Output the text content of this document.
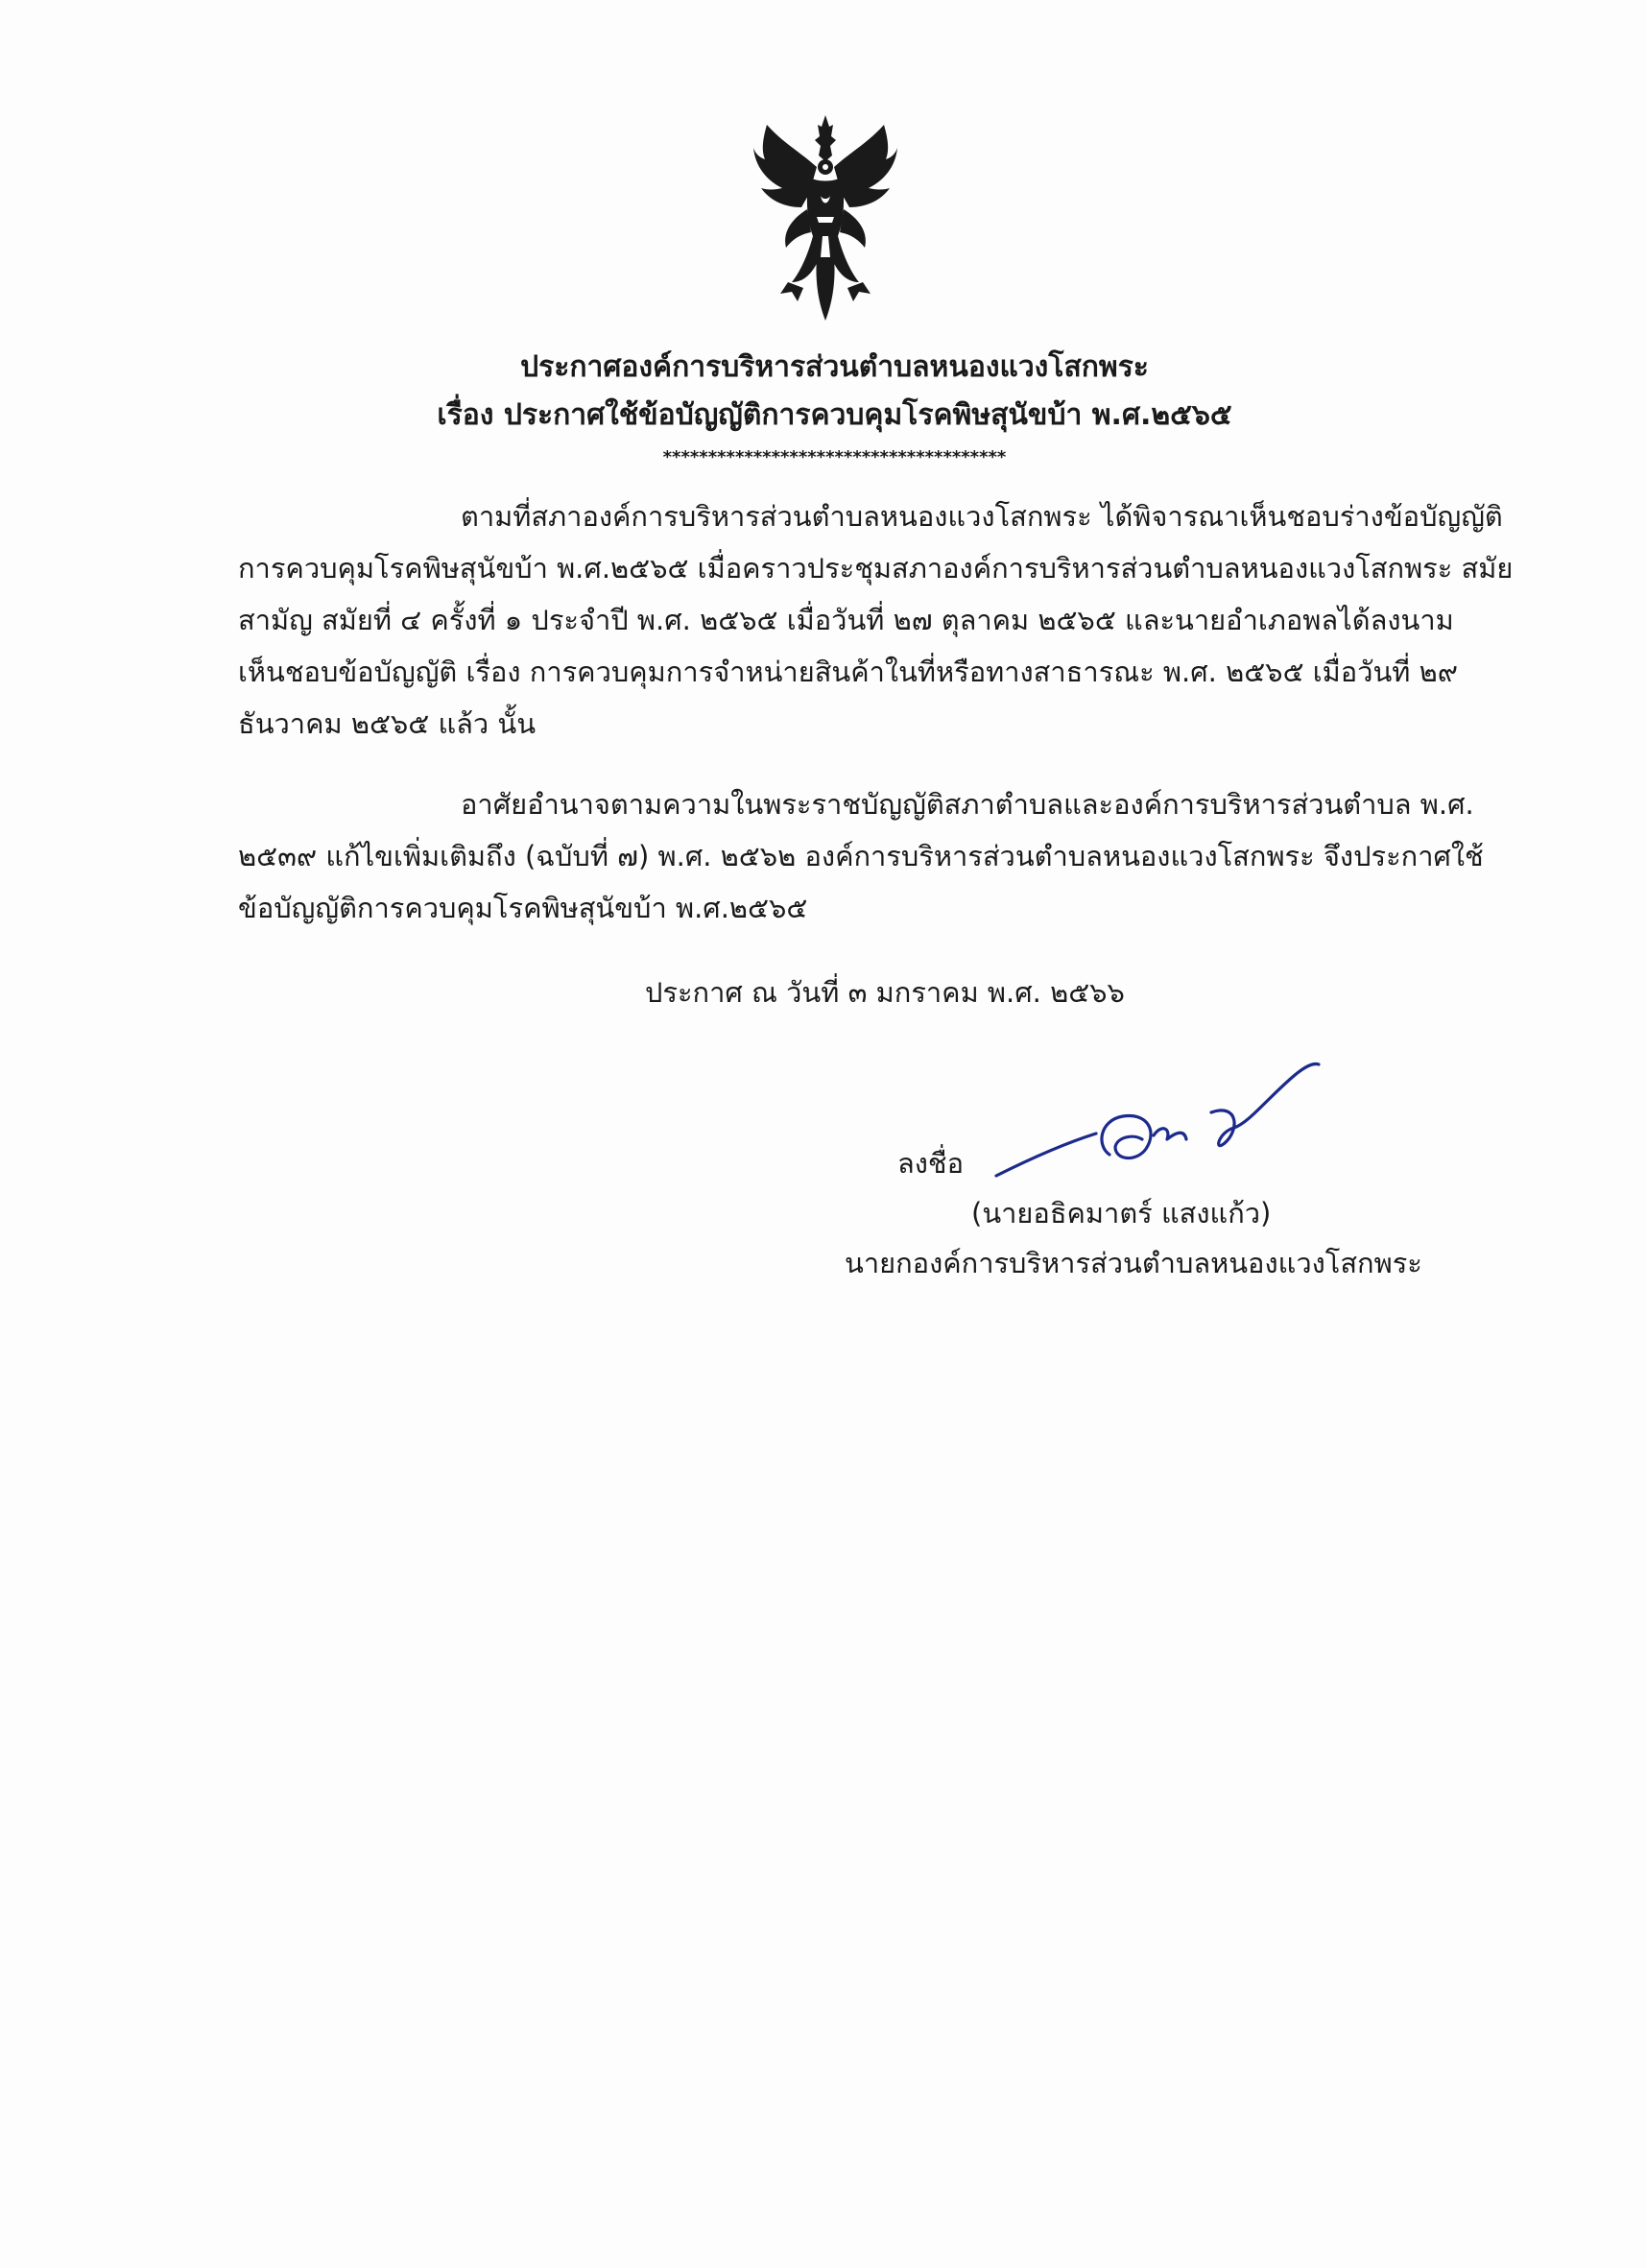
ประกาศองค์การบริหารส่วนตำบลหนองแวงโสกพระ
เรื่อง ประกาศใช้ข้อบัญญัติการควบคุมโรคพิษสุนัขบ้า พ.ศ.๒๕๖๕
**************************************
ตามที่สภาองค์การบริหารส่วนตำบลหนองแวงโสกพระ ได้พิจารณาเห็นชอบร่างข้อบัญญัติ
การควบคุมโรคพิษสุนัขบ้า พ.ศ.๒๕๖๕ เมื่อคราวประชุมสภาองค์การบริหารส่วนตำบลหนองแวงโสกพระ สมัย
สามัญ สมัยที่ ๔ ครั้งที่ ๑ ประจำปี พ.ศ. ๒๕๖๕ เมื่อวันที่ ๒๗ ตุลาคม ๒๕๖๕ และนายอำเภอพลได้ลงนาม
เห็นชอบข้อบัญญัติ เรื่อง การควบคุมการจำหน่ายสินค้าในที่หรือทางสาธารณะ พ.ศ. ๒๕๖๕ เมื่อวันที่ ๒๙
ธันวาคม ๒๕๖๕ แล้ว นั้น
อาศัยอำนาจตามความในพระราชบัญญัติสภาตำบลและองค์การบริหารส่วนตำบล พ.ศ.
๒๕๓๙ แก้ไขเพิ่มเติมถึง (ฉบับที่ ๗) พ.ศ. ๒๕๖๒ องค์การบริหารส่วนตำบลหนองแวงโสกพระ จึงประกาศใช้
ข้อบัญญัติการควบคุมโรคพิษสุนัขบ้า พ.ศ.๒๕๖๕
ประกาศ ณ วันที่ ๓ มกราคม พ.ศ. ๒๕๖๖
ลงชื่อ
(นายอธิคมาตร์ แสงแก้ว)
นายกองค์การบริหารส่วนตำบลหนองแวงโสกพระ
